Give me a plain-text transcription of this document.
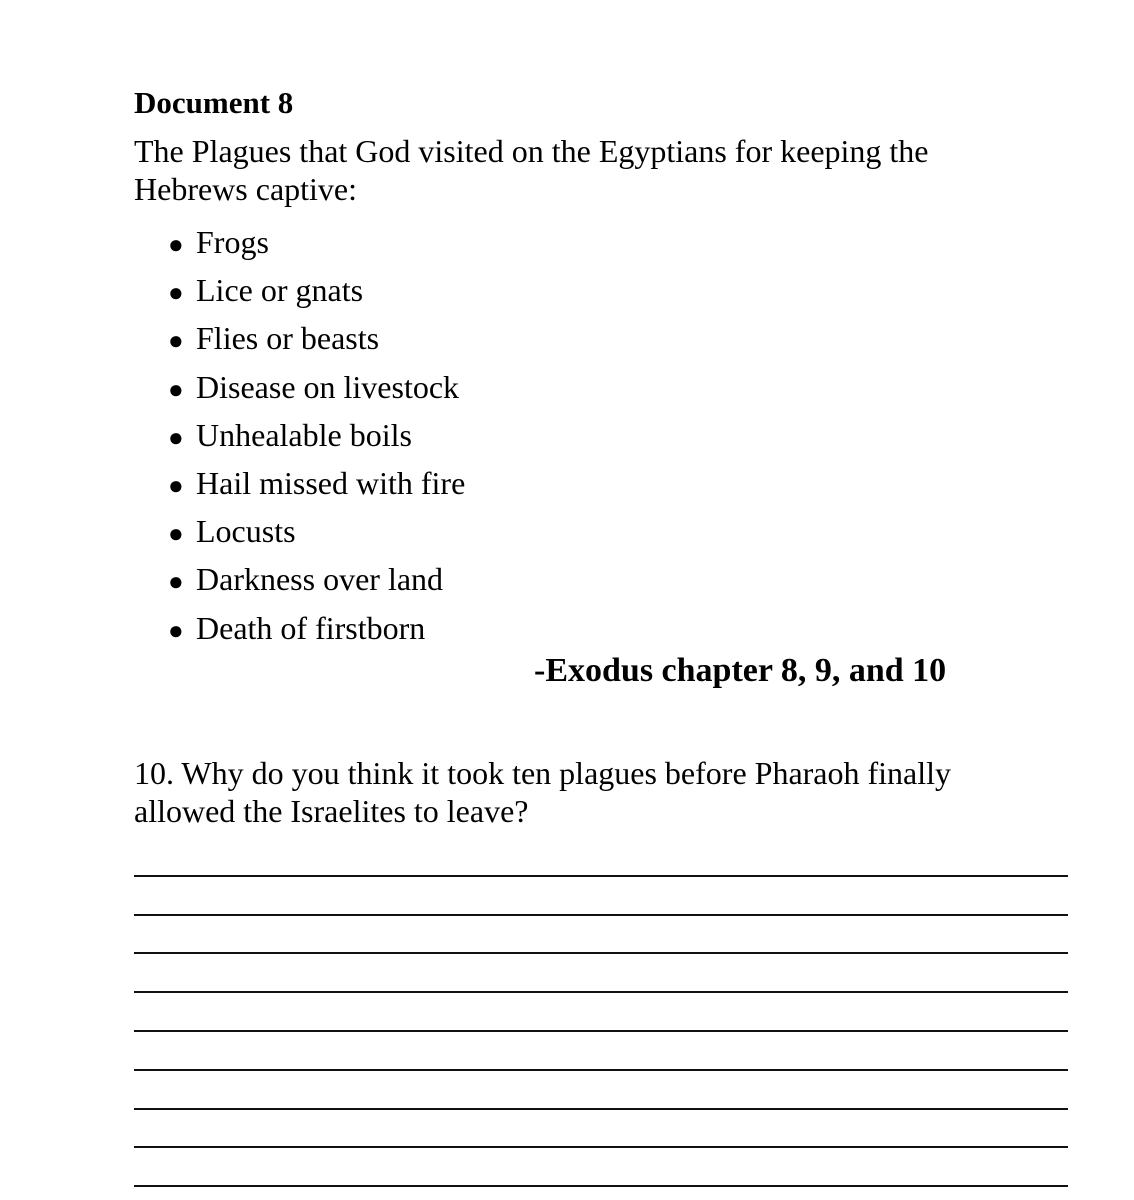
Document 8

The Plagues that God visited on the Egyptians for keeping the Hebrews captive:

● Frogs
● Lice or gnats
● Flies or beasts
● Disease on livestock
● Unhealable boils
● Hail missed with fire
● Locusts
● Darkness over land
● Death of firstborn

-Exodus chapter 8, 9, and 10

10. Why do you think it took ten plagues before Pharaoh finally allowed the Israelites to leave?
